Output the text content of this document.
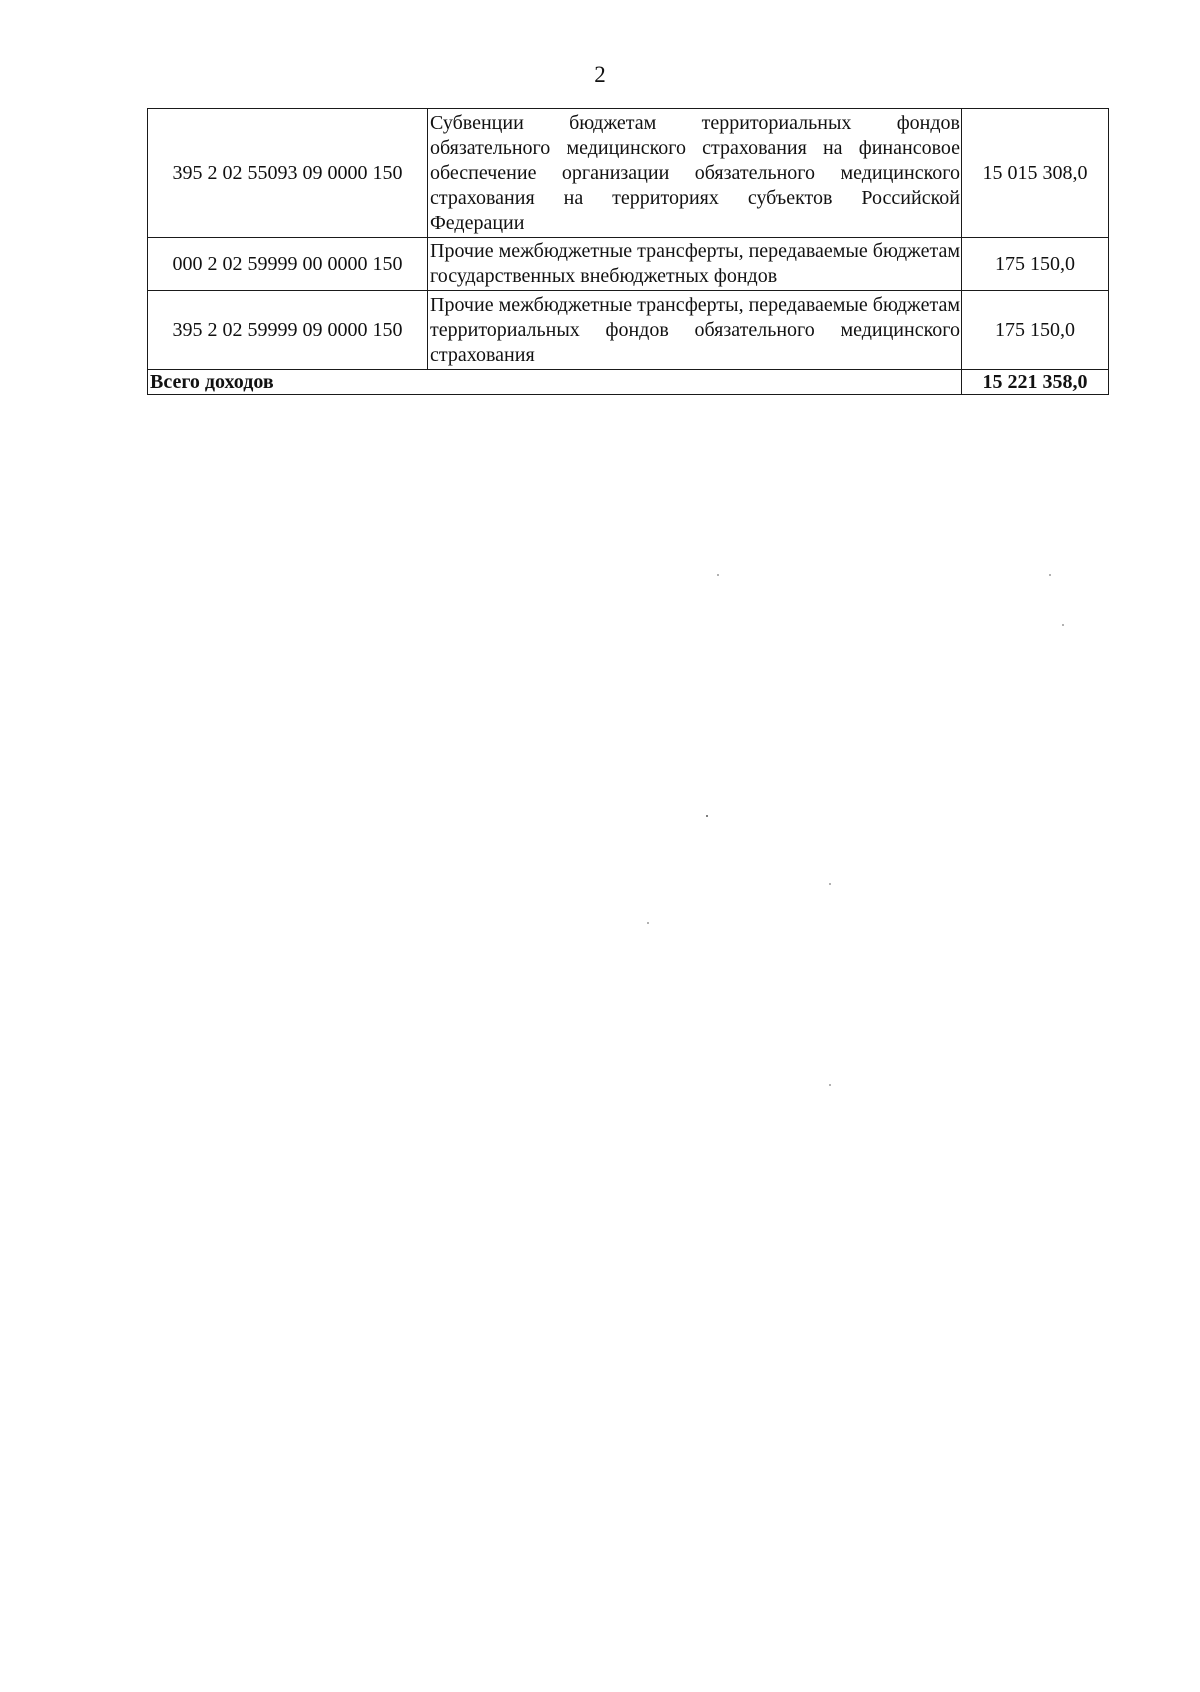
2
395 2 02 55093 09 0000 150	Субвенции бюджетам территориальных фондов обязательного медицинского страхования на финансовое обеспечение организации обязательного медицинского страхования на территориях субъектов Российской Федерации	15 015 308,0
000 2 02 59999 00 0000 150	Прочие межбюджетные трансферты, передаваемые бюджетам государственных внебюджетных фондов	175 150,0
395 2 02 59999 09 0000 150	Прочие межбюджетные трансферты, передаваемые бюджетам территориальных фондов обязательного медицинского страхования	175 150,0
Всего доходов		15 221 358,0
